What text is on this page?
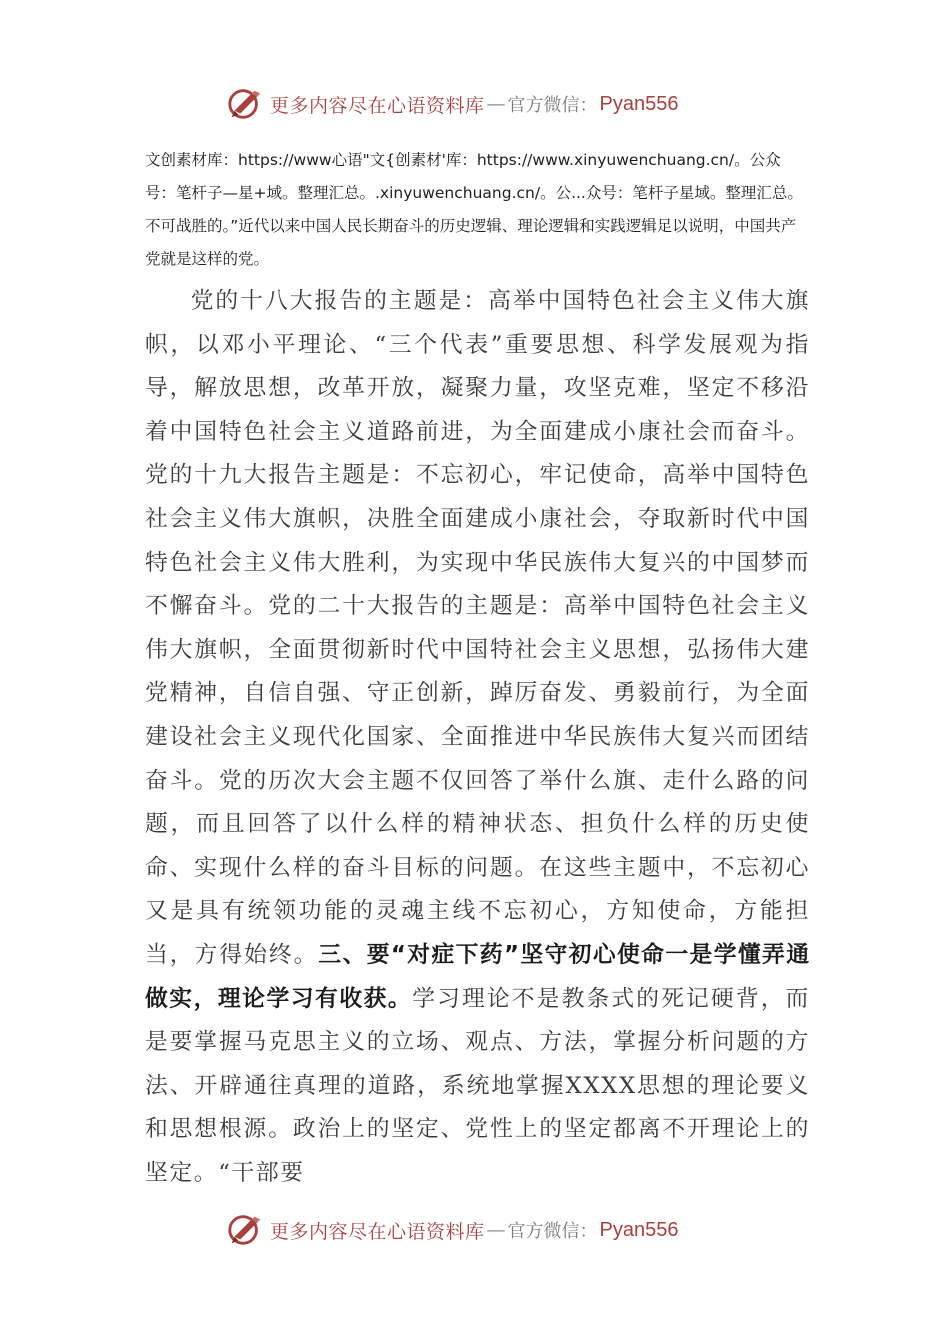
更多内容尽在心语资料库 — 官方微信： Pyan556

文创素材库：https://www心语"文{创素材'库：https://www.xinyuwenchuang.cn/。公众号：笔杆子—星+域。整理汇总。.xinyuwenchuang.cn/。公...众号：笔杆子星域。整理汇总。不可战胜的。”近代以来中国人民长期奋斗的历史逻辑、理论逻辑和实践逻辑足以说明，中国共产党就是这样的党。

党的十八大报告的主题是：高举中国特色社会主义伟大旗帜，以邓小平理论、“三个代表”重要思想、科学发展观为指导，解放思想，改革开放，凝聚力量，攻坚克难，坚定不移沿着中国特色社会主义道路前进，为全面建成小康社会而奋斗。党的十九大报告主题是：不忘初心，牢记使命，高举中国特色社会主义伟大旗帜，决胜全面建成小康社会，夺取新时代中国特色社会主义伟大胜利，为实现中华民族伟大复兴的中国梦而不懈奋斗。党的二十大报告的主题是：高举中国特色社会主义伟大旗帜，全面贯彻新时代中国特社会主义思想，弘扬伟大建党精神，自信自强、守正创新，踔厉奋发、勇毅前行，为全面建设社会主义现代化国家、全面推进中华民族伟大复兴而团结奋斗。党的历次大会主题不仅回答了举什么旗、走什么路的问题，而且回答了以什么样的精神状态、担负什么样的历史使命、实现什么样的奋斗目标的问题。在这些主题中，不忘初心又是具有统领功能的灵魂主线不忘初心，方知使命，方能担当，方得始终。三、要“对症下药”坚守初心使命一是学懂弄通做实，理论学习有收获。学习理论不是教条式的死记硬背，而是要掌握马克思主义的立场、观点、方法，掌握分析问题的方法、开辟通往真理的道路，系统地掌握XXXX思想的理论要义和思想根源。政治上的坚定、党性上的坚定都离不开理论上的坚定。“干部要

更多内容尽在心语资料库 — 官方微信： Pyan556
